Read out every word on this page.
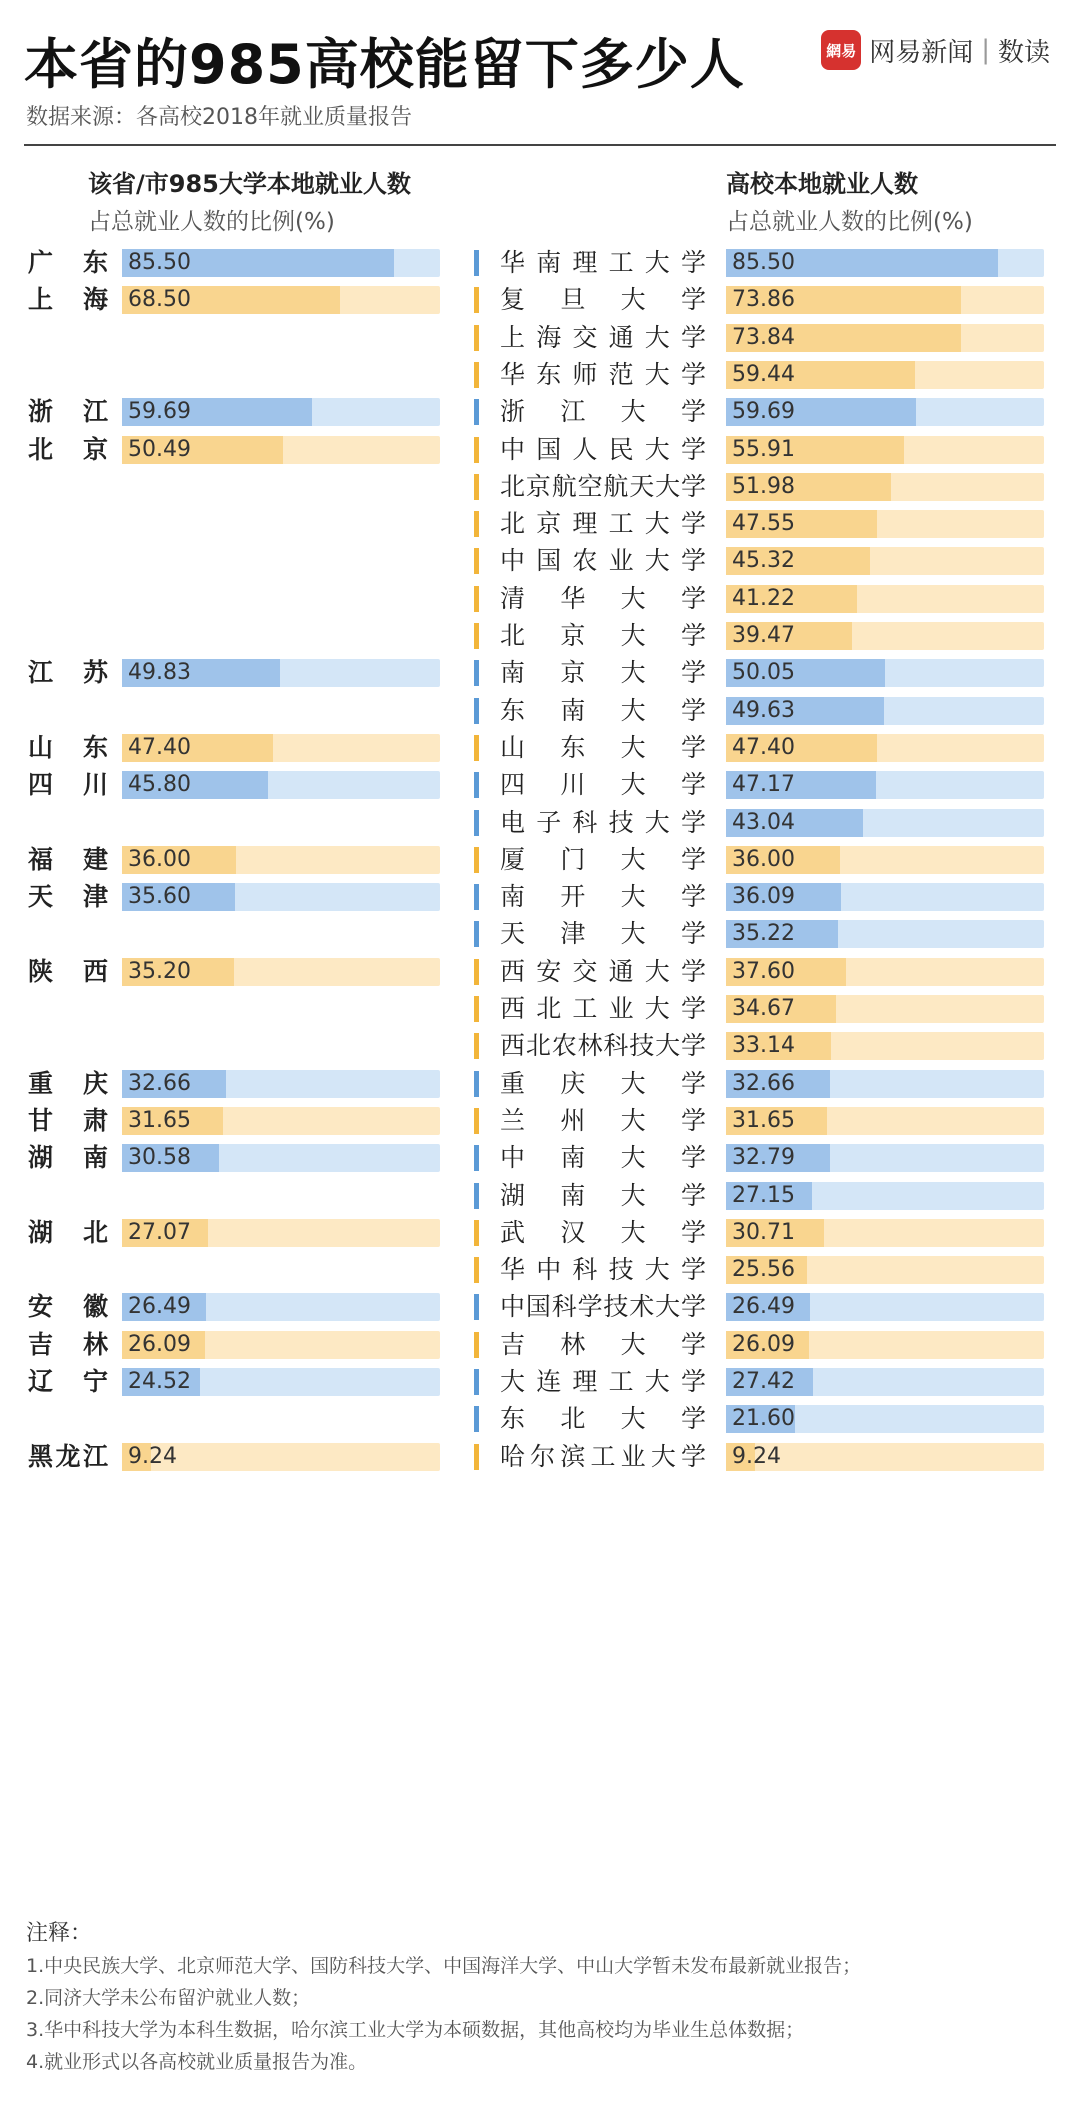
本省的985高校能留下多少人
数据来源：各高校2018年就业质量报告
網易 网易新闻 | 数读
该省/市985大学本地就业人数
占总就业人数的比例(%)
高校本地就业人数
占总就业人数的比例(%)
广东 85.50	华南理工大学 85.50
上海 68.50	复旦大学 73.86
上海交通大学 73.84
华东师范大学 59.44
浙江 59.69	浙江大学 59.69
北京 50.49	中国人民大学 55.91
北京航空航天大学 51.98
北京理工大学 47.55
中国农业大学 45.32
清华大学 41.22
北京大学 39.47
江苏 49.83	南京大学 50.05
东南大学 49.63
山东 47.40	山东大学 47.40
四川 45.80	四川大学 47.17
电子科技大学 43.04
福建 36.00	厦门大学 36.00
天津 35.60	南开大学 36.09
天津大学 35.22
陕西 35.20	西安交通大学 37.60
西北工业大学 34.67
西北农林科技大学 33.14
重庆 32.66	重庆大学 32.66
甘肃 31.65	兰州大学 31.65
湖南 30.58	中南大学 32.79
湖南大学 27.15
湖北 27.07	武汉大学 30.71
华中科技大学 25.56
安徽 26.49	中国科学技术大学 26.49
吉林 26.09	吉林大学 26.09
辽宁 24.52	大连理工大学 27.42
东北大学 21.60
黑龙江 9.24	哈尔滨工业大学 9.24
注释：
1.中央民族大学、北京师范大学、国防科技大学、中国海洋大学、中山大学暂未发布最新就业报告；
2.同济大学未公布留沪就业人数；
3.华中科技大学为本科生数据，哈尔滨工业大学为本硕数据，其他高校均为毕业生总体数据；
4.就业形式以各高校就业质量报告为准。
